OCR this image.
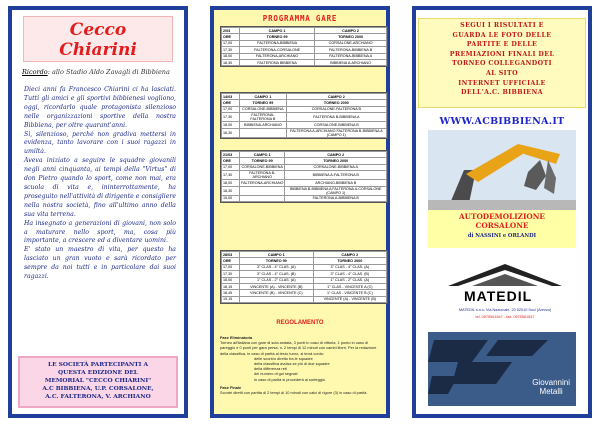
Cecco
Chiarini
Ricordo: allo Stadio Aldo Zavagli di Bibbiena

Dieci anni fa Francesco Chiarini ci ha lasciati. Tutti gli amici e gli sportivi bibbienesi vogliono, oggi, ricordarlo quale protagonista silenzioso nelle organizzazioni sportive della nostra Bibbiena, per oltre quarant'anni.

Sì, silenzioso, perché non gradiva mettersi in evidenza, tanto lavorare con i suoi ragazzi in umiltà.

Aveva iniziato a seguire le squadre giovanili negli anni cinquanta, ai tempi della "Virtus" di don Pietro quando lo sport, come non mai, era scuola di vita e, ininterrottamente, ha proseguito nell'attività di dirigente e consigliere nella nostra società, fino all'ultimo anno della sua vita terrena.

Ha insegnato a generazioni di giovani, non solo a maturare nello sport, ma, cosa più importante, a crescere ed a diventare uomini.

E' stato un maestro di vita, per questo ha lasciato un gran vuoto e sarà ricordato per sempre da noi tutti e in particolare dai suoi ragazzi.

LE SOCIETÀ PARTECIPANTI A
QUESTA EDIZIONE DEL
MEMORIAL "CECCO CHIARINI"
A.C BIBBIENA, U.P. CORSALONE,
A.C. FALTERONA, V. ARCHIANO
PROGRAMMA GARE
2/03	CAMPO 1	CAMPO 2
ORE	TORNEO 99	TORNEO 2000
17,00	FALTERONA-BIBBIENA	CORSALONE-ARCHIANO
17,30	FALTERONA-CORSALONE	FALTERONA-BIBBIENA B
18,00	FALTERONA-ARCHIANO	FALTERONA-BIBBIENA A
18,30	FALTERONA BIBBIENA	BIBBIENA A-ARCHIANO
14/03	CAMPO 1	CAMPO 2
ORE	TORNEO 99	TORNEO 2000
17,00	CORSALONE-BIBBIENA	CORSALONE-FALTERONA B
17,30	FALTERONA-FALTERONA B	FALTERONA B-BIBBIENA A
18,00	BIBBIENA-ARCHIANO	CORSALONE-BIBBIENA B
18,30		FALTERONA A-ARCHIANO FALTERONA B-BIBBIENA A (CAMPO 1)
21/03	CAMPO 1	CAMPO 2
ORE	TORNEO 99	TORNEO 2000
17,00	CORSALONE-BIBBIENA	CORSALONE-BIBBIENA A
17,30	FALTERONA B-ARCHIANO	BIBBIENA A-FALTERONA B
18,00	FALTERONA-ARCHIANO	ARCHIANO-BIBBIENA B
18,30		BIBBIENA B-BIBBIENA A FALTERONA A-CORSALONE (CAMPO 1)
19,00		FALTERONA A-BIBBIENA B
28/03	CAMPO 1	CAMPO 2
ORE	TORNEO 99	TORNEO 2000
17,00	3° CLAS - 4° CLAS. (A)	3° CLAS - 4° CLAS. (A)
17,30	3° CLAS - 4° CLAS. (B)	3° CLAS - 4° CLAS. (B)
18,00	1° CLAS - 2° CLAS. (A)	1° CLAS - 2° CLAS. (A)
18,15	VINCENTE (A) - VINCENTE (B)	1° CLAS - VINCENTE A (C)
18,45	VINCENTE (B) - VINCENTE (C)	1° CLAS - VINCENTE B (C)
19,15		VINCENTE (A) - VINCENTE (B)
REGOLAMENTO
Fase Eliminatoria
Torneo all'italiana con gare di sola andata, 3 punti in caso di vittoria, 1 punto in caso di pareggio e 0 punti per gara persa; n. 2 tempi di 12 minuti con cambi liberi. Per la redazione della classifica, in caso di parità al terzo turno, si terrà conto:
delle scontro diretto tra le squadre
della classifica avulsa se più di due squadre
della differenza reti
dei numero di gol segnati
in caso di parità si procederà al sorteggio
Fase Finale
Scontri diretti con partita di 2 tempi di 10 minuti con calci di rigore (3) in caso di parità.
SEGUI I RISULTATI E
GUARDA LE FOTO DELLE
PARTITE E DELLE
PREMIAZIONI FINALI DEL
TORNEO COLLEGANDOTI
AL SITO
INTERNET UFFICIALE
DELL'A.C. BIBBIENA
WWW.ACBIBBIENA.IT
AUTODEMOLIZIONE
CORSALONE
di NASSINI e ORLANDI
MATEDIL
MATEDIL s.n.c. Via Nazionale, 20 52010 Soci (Arezzo)
tel. 0575561547 - fax. 0575561547
Giovannini
Metalli
